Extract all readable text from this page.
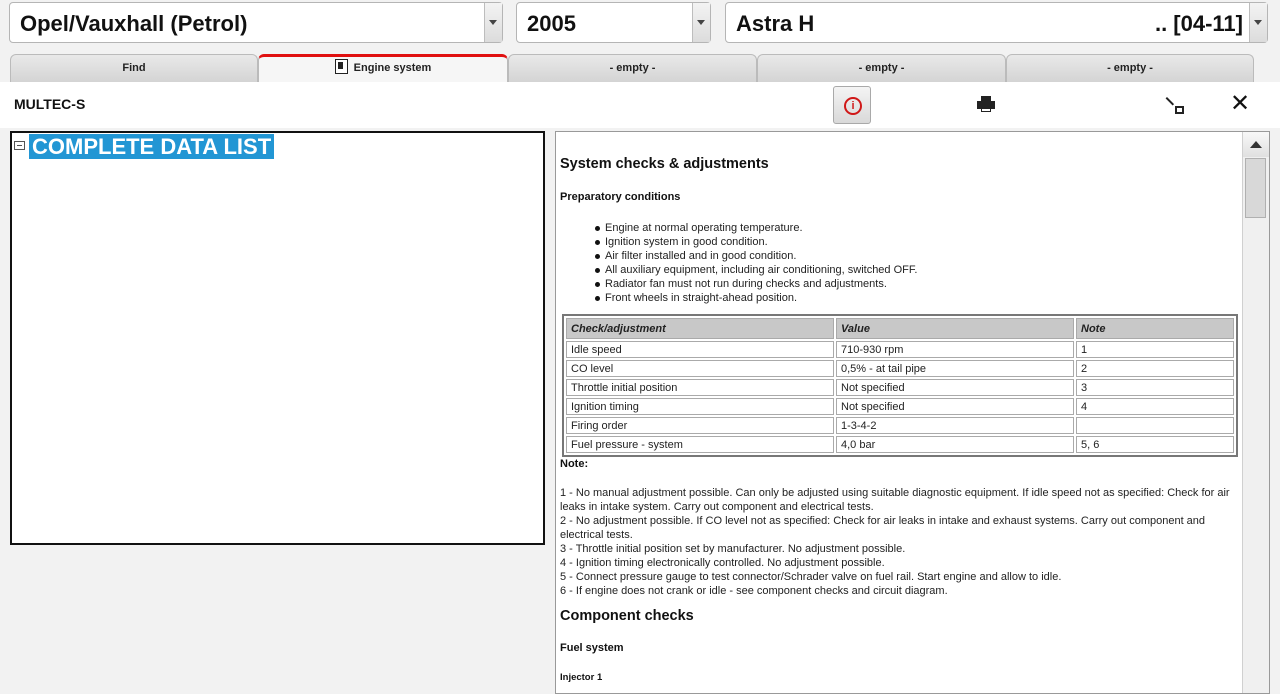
Opel/Vauxhall (Petrol)	2005	Astra H	.. [04-11]
Find	Engine system	- empty -	- empty -	- empty -
MULTEC-S	i	✕
COMPLETE DATA LIST
System checks & adjustments
Preparatory conditions
Engine at normal operating temperature.
Ignition system in good condition.
Air filter installed and in good condition.
All auxiliary equipment, including air conditioning, switched OFF.
Radiator fan must not run during checks and adjustments.
Front wheels in straight-ahead position.
Check/adjustment	Value	Note
Idle speed	710-930 rpm	1
CO level	0,5% - at tail pipe	2
Throttle initial position	Not specified	3
Ignition timing	Not specified	4
Firing order	1-3-4-2	
Fuel pressure - system	4,0 bar	5, 6
Note:
1 - No manual adjustment possible. Can only be adjusted using suitable diagnostic equipment. If idle speed not as specified: Check for air leaks in intake system. Carry out component and electrical tests.
2 - No adjustment possible. If CO level not as specified: Check for air leaks in intake and exhaust systems. Carry out component and electrical tests.
3 - Throttle initial position set by manufacturer. No adjustment possible.
4 - Ignition timing electronically controlled. No adjustment possible.
5 - Connect pressure gauge to test connector/Schrader valve on fuel rail. Start engine and allow to idle.
6 - If engine does not crank or idle - see component checks and circuit diagram.
Component checks
Fuel system
Injector 1
